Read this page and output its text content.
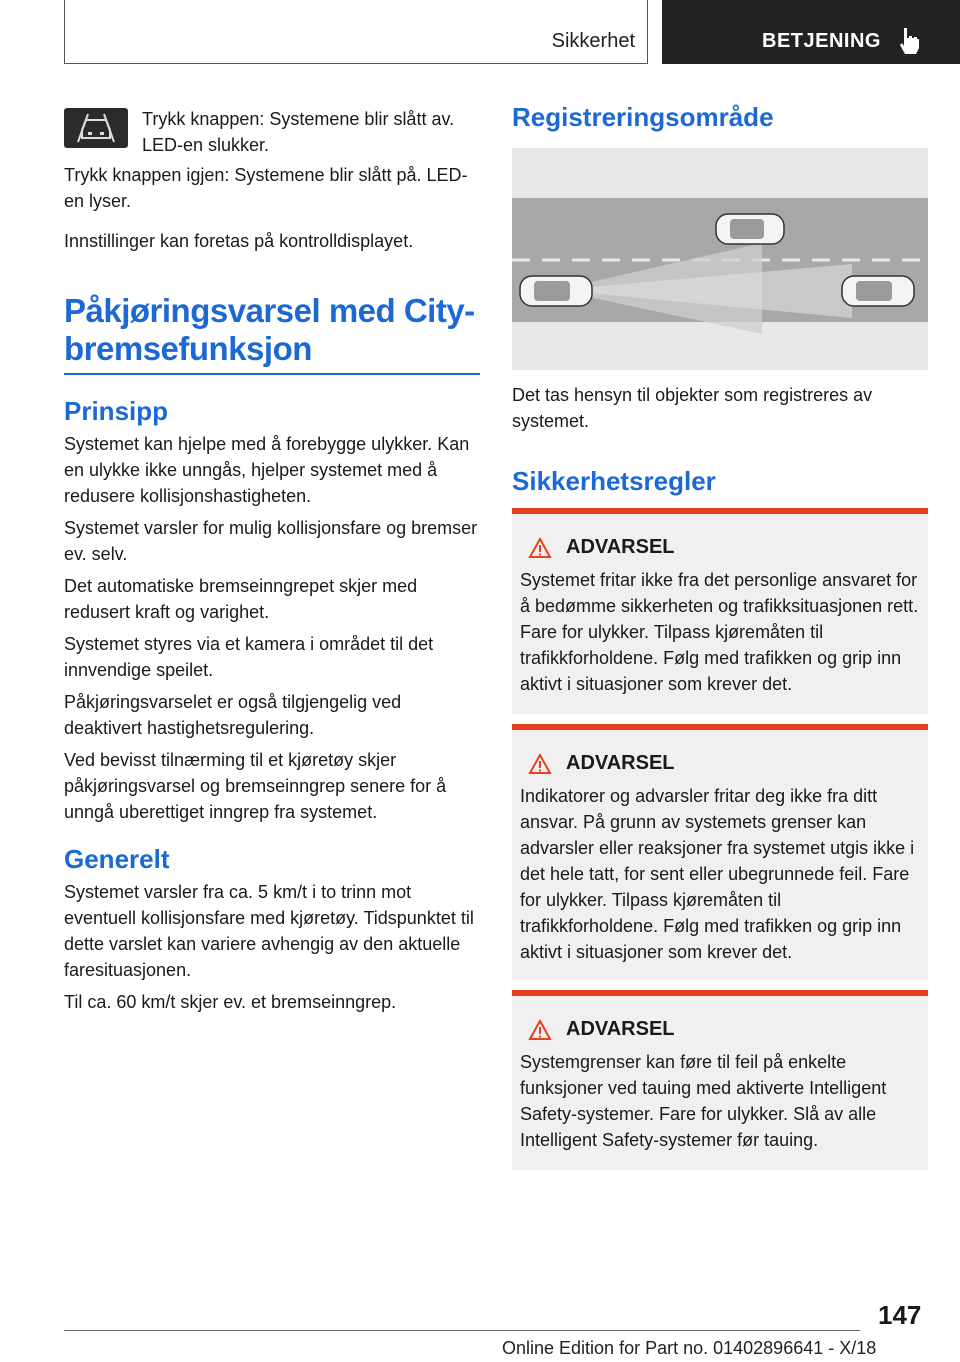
Sikkerhet	BETJENING

Trykk knappen: Systemene blir slått av. LED-en slukker.

Trykk knappen igjen: Systemene blir slått på. LED-en lyser.

Innstillinger kan foretas på kontrolldisplayet.

Påkjøringsvarsel med City-bremsefunksjon
Prinsipp

Systemet kan hjelpe med å forebygge ulykker. Kan en ulykke ikke unngås, hjelper systemet med å redusere kollisjonshastigheten.

Systemet varsler for mulig kollisjonsfare og bremser ev. selv.

Det automatiske bremseinngrepet skjer med redusert kraft og varighet.

Systemet styres via et kamera i området til det innvendige speilet.

Påkjøringsvarselet er også tilgjengelig ved deaktivert hastighetsregulering.

Ved bevisst tilnærming til et kjøretøy skjer påkjøringsvarsel og bremseinngrep senere for å unngå uberettiget inngrep fra systemet.

Generelt

Systemet varsler fra ca. 5 km/t i to trinn mot eventuell kollisjonsfare med kjøretøy. Tidspunktet til dette varslet kan variere avhengig av den aktuelle faresituasjonen.

Til ca. 60 km/t skjer ev. et bremseinngrep.

Registreringsområde

Det tas hensyn til objekter som registreres av systemet.

Sikkerhetsregler
ADVARSEL

Systemet fritar ikke fra det personlige ansvaret for å bedømme sikkerheten og trafikksituasjonen rett. Fare for ulykker. Tilpass kjøremåten til trafikkforholdene. Følg med trafikken og grip inn aktivt i situasjoner som krever det.

ADVARSEL

Indikatorer og advarsler fritar deg ikke fra ditt ansvar. På grunn av systemets grenser kan advarsler eller reaksjoner fra systemet utgis ikke i det hele tatt, for sent eller ubegrunnede feil. Fare for ulykker. Tilpass kjøremåten til trafikkforholdene. Følg med trafikken og grip inn aktivt i situasjoner som krever det.

ADVARSEL

Systemgrenser kan føre til feil på enkelte funksjoner ved tauing med aktiverte Intelligent Safety-systemer. Fare for ulykker. Slå av alle Intelligent Safety-systemer før tauing.

147
Online Edition for Part no. 01402896641 - X/18
